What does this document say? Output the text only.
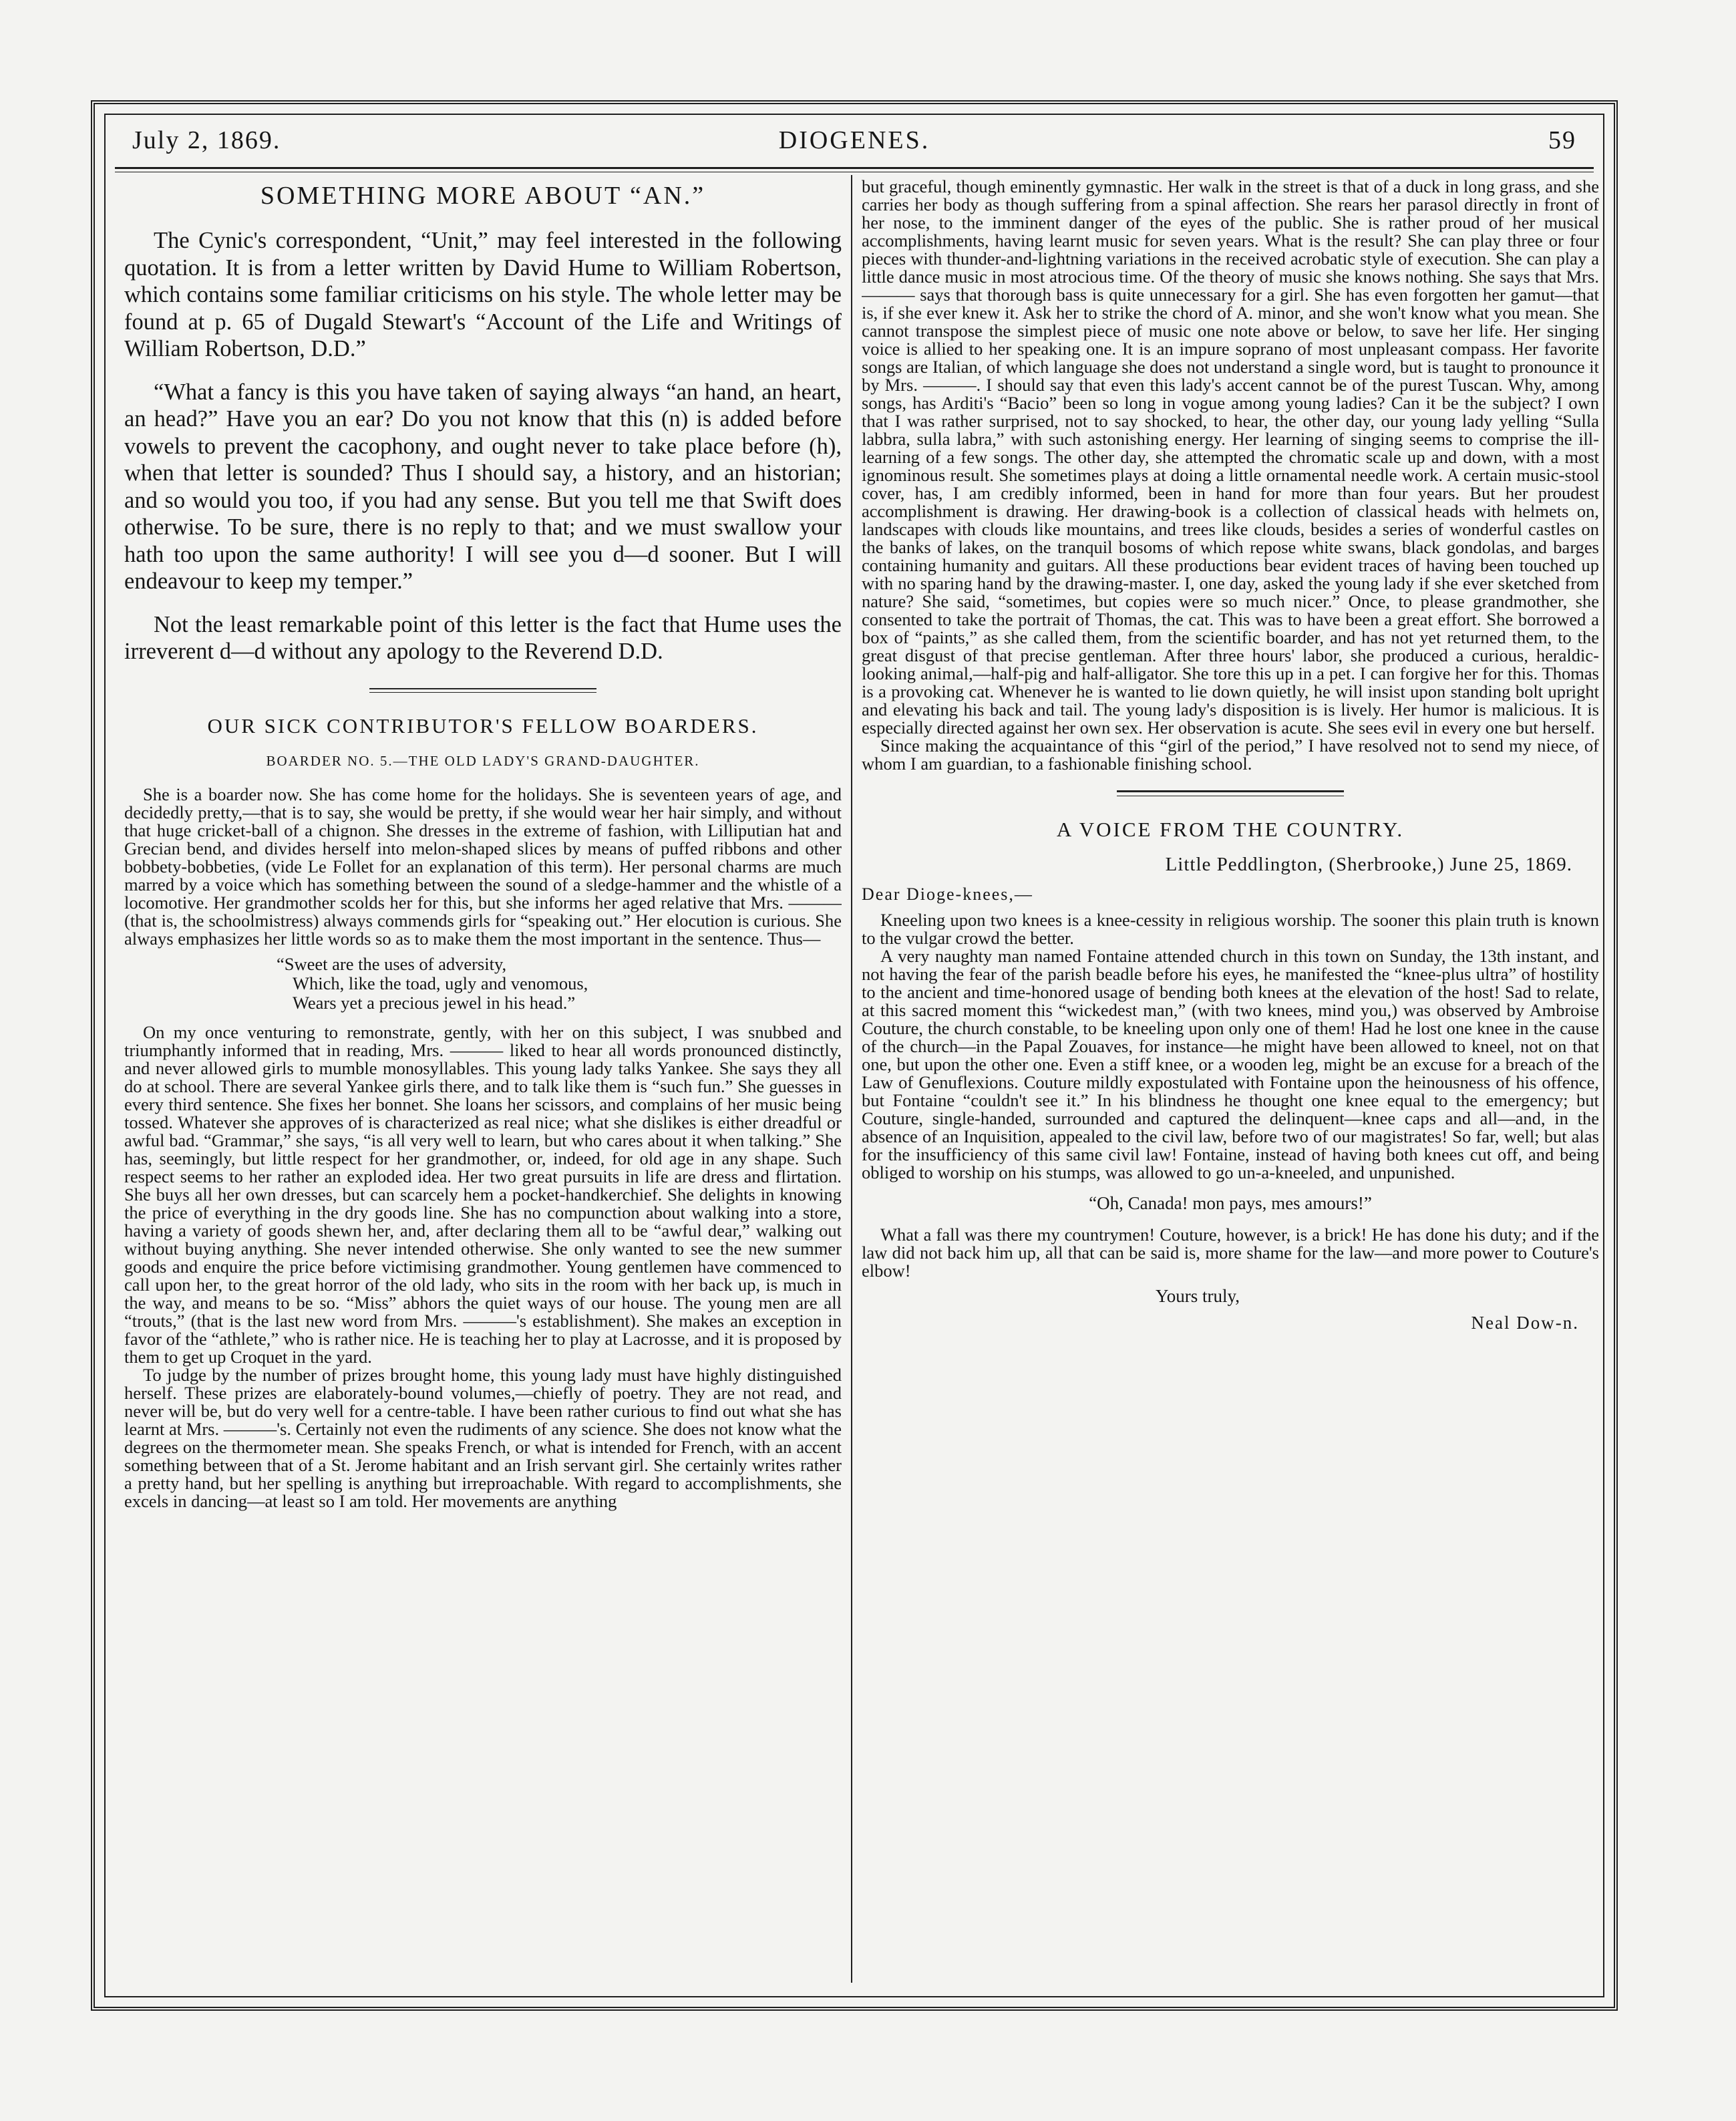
July 2, 1869.	DIOGENES.	59
SOMETHING MORE ABOUT “AN.”

The Cynic's correspondent, “Unit,” may feel interested in the following quotation. It is from a letter written by David Hume to William Robertson, which contains some familiar criticisms on his style. The whole letter may be found at p. 65 of Dugald Stewart's “Account of the Life and Writings of William Robertson, D.D.”

“What a fancy is this you have taken of saying always “an hand, an heart, an head?” Have you an ear? Do you not know that this (n) is added before vowels to prevent the cacophony, and ought never to take place before (h), when that letter is sounded? Thus I should say, a history, and an historian; and so would you too, if you had any sense. But you tell me that Swift does otherwise. To be sure, there is no reply to that; and we must swallow your hath too upon the same authority! I will see you d—d sooner. But I will endeavour to keep my temper.”

Not the least remarkable point of this letter is the fact that Hume uses the irreverent d—d without any apology to the Reverend D.D.

OUR SICK CONTRIBUTOR'S FELLOW BOARDERS.
BOARDER NO. 5.—THE OLD LADY'S GRAND-DAUGHTER.

She is a boarder now. She has come home for the holidays. She is seventeen years of age, and decidedly pretty,—that is to say, she would be pretty, if she would wear her hair simply, and without that huge cricket-ball of a chignon. She dresses in the extreme of fashion, with Lilliputian hat and Grecian bend, and divides herself into melon-shaped slices by means of puffed ribbons and other bobbety-bobbeties, (vide Le Follet for an explanation of this term). Her personal charms are much marred by a voice which has something between the sound of a sledge-hammer and the whistle of a locomotive. Her grandmother scolds her for this, but she informs her aged relative that Mrs. ——— (that is, the schoolmistress) always commends girls for “speaking out.” Her elocution is curious. She always emphasizes her little words so as to make them the most important in the sentence. Thus—

“Sweet are the uses of adversity,
Which, like the toad, ugly and venomous,
Wears yet a precious jewel in his head.”

On my once venturing to remonstrate, gently, with her on this subject, I was snubbed and triumphantly informed that in reading, Mrs. ——— liked to hear all words pronounced distinctly, and never allowed girls to mumble monosyllables. This young lady talks Yankee. She says they all do at school. There are several Yankee girls there, and to talk like them is “such fun.” She guesses in every third sentence. She fixes her bonnet. She loans her scissors, and complains of her music being tossed. Whatever she approves of is characterized as real nice; what she dislikes is either dreadful or awful bad. “Grammar,” she says, “is all very well to learn, but who cares about it when talking.” She has, seemingly, but little respect for her grandmother, or, indeed, for old age in any shape. Such respect seems to her rather an exploded idea. Her two great pursuits in life are dress and flirtation. She buys all her own dresses, but can scarcely hem a pocket-handkerchief. She delights in knowing the price of everything in the dry goods line. She has no compunction about walking into a store, having a variety of goods shewn her, and, after declaring them all to be “awful dear,” walking out without buying anything. She never intended otherwise. She only wanted to see the new summer goods and enquire the price before victimising grandmother. Young gentlemen have commenced to call upon her, to the great horror of the old lady, who sits in the room with her back up, is much in the way, and means to be so. “Miss” abhors the quiet ways of our house. The young men are all “trouts,” (that is the last new word from Mrs. ———'s establishment). She makes an exception in favor of the “athlete,” who is rather nice. He is teaching her to play at Lacrosse, and it is proposed by them to get up Croquet in the yard.

To judge by the number of prizes brought home, this young lady must have highly distinguished herself. These prizes are elaborately-bound volumes,—chiefly of poetry. They are not read, and never will be, but do very well for a centre-table. I have been rather curious to find out what she has learnt at Mrs. ———'s. Certainly not even the rudiments of any science. She does not know what the degrees on the thermometer mean. She speaks French, or what is intended for French, with an accent something between that of a St. Jerome habitant and an Irish servant girl. She certainly writes rather a pretty hand, but her spelling is anything but irreproachable. With regard to accomplishments, she excels in dancing—at least so I am told. Her movements are anything

but graceful, though eminently gymnastic. Her walk in the street is that of a duck in long grass, and she carries her body as though suffering from a spinal affection. She rears her parasol directly in front of her nose, to the imminent danger of the eyes of the public. She is rather proud of her musical accomplishments, having learnt music for seven years. What is the result? She can play three or four pieces with thunder-and-lightning variations in the received acrobatic style of execution. She can play a little dance music in most atrocious time. Of the theory of music she knows nothing. She says that Mrs. ——— says that thorough bass is quite unnecessary for a girl. She has even forgotten her gamut—that is, if she ever knew it. Ask her to strike the chord of A. minor, and she won't know what you mean. She cannot transpose the simplest piece of music one note above or below, to save her life. Her singing voice is allied to her speaking one. It is an impure soprano of most unpleasant compass. Her favorite songs are Italian, of which language she does not understand a single word, but is taught to pronounce it by Mrs. ———. I should say that even this lady's accent cannot be of the purest Tuscan. Why, among songs, has Arditi's “Bacio” been so long in vogue among young ladies? Can it be the subject? I own that I was rather surprised, not to say shocked, to hear, the other day, our young lady yelling “Sulla labbra, sulla labra,” with such astonishing energy. Her learning of singing seems to comprise the ill-learning of a few songs. The other day, she attempted the chromatic scale up and down, with a most ignominous result. She sometimes plays at doing a little ornamental needle work. A certain music-stool cover, has, I am credibly informed, been in hand for more than four years. But her proudest accomplishment is drawing. Her drawing-book is a collection of classical heads with helmets on, landscapes with clouds like mountains, and trees like clouds, besides a series of wonderful castles on the banks of lakes, on the tranquil bosoms of which repose white swans, black gondolas, and barges containing humanity and guitars. All these productions bear evident traces of having been touched up with no sparing hand by the drawing-master. I, one day, asked the young lady if she ever sketched from nature? She said, “sometimes, but copies were so much nicer.” Once, to please grandmother, she consented to take the portrait of Thomas, the cat. This was to have been a great effort. She borrowed a box of “paints,” as she called them, from the scientific boarder, and has not yet returned them, to the great disgust of that precise gentleman. After three hours' labor, she produced a curious, heraldic-looking animal,—half-pig and half-alligator. She tore this up in a pet. I can forgive her for this. Thomas is a provoking cat. Whenever he is wanted to lie down quietly, he will insist upon standing bolt upright and elevating his back and tail. The young lady's disposition is is lively. Her humor is malicious. It is especially directed against her own sex. Her observation is acute. She sees evil in every one but herself.

Since making the acquaintance of this “girl of the period,” I have resolved not to send my niece, of whom I am guardian, to a fashionable finishing school.

A VOICE FROM THE COUNTRY.
Little Peddlington, (Sherbrooke,) June 25, 1869.
Dear Dioge-knees,—

Kneeling upon two knees is a knee-cessity in religious worship. The sooner this plain truth is known to the vulgar crowd the better.

A very naughty man named Fontaine attended church in this town on Sunday, the 13th instant, and not having the fear of the parish beadle before his eyes, he manifested the “knee-plus ultra” of hostility to the ancient and time-honored usage of bending both knees at the elevation of the host! Sad to relate, at this sacred moment this “wickedest man,” (with two knees, mind you,) was observed by Ambroise Couture, the church constable, to be kneeling upon only one of them! Had he lost one knee in the cause of the church—in the Papal Zouaves, for instance—he might have been allowed to kneel, not on that one, but upon the other one. Even a stiff knee, or a wooden leg, might be an excuse for a breach of the Law of Genuflexions. Couture mildly expostulated with Fontaine upon the heinousness of his offence, but Fontaine “couldn't see it.” In his blindness he thought one knee equal to the emergency; but Couture, single-handed, surrounded and captured the delinquent—knee caps and all—and, in the absence of an Inquisition, appealed to the civil law, before two of our magistrates! So far, well; but alas for the insufficiency of this same civil law! Fontaine, instead of having both knees cut off, and being obliged to worship on his stumps, was allowed to go un-a-kneeled, and unpunished.

“Oh, Canada! mon pays, mes amours!”

What a fall was there my countrymen! Couture, however, is a brick! He has done his duty; and if the law did not back him up, all that can be said is, more shame for the law—and more power to Couture's elbow!

Yours truly,
Neal Dow-n.
